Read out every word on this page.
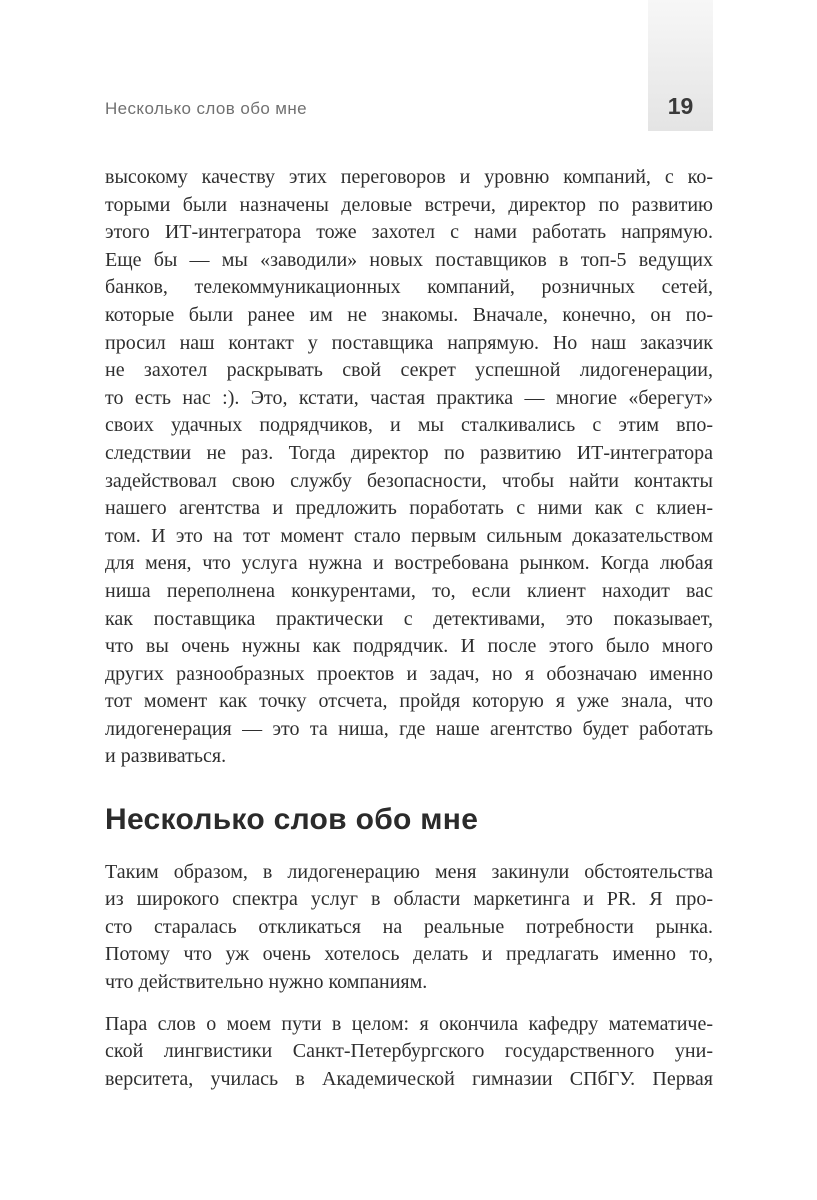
Несколько слов обо мне	19
высокому качеству этих переговоров и уровню компаний, с ко-
торыми были назначены деловые встречи, директор по развитию
этого ИТ-интегратора тоже захотел с нами работать напрямую.
Еще бы — мы «заводили» новых поставщиков в топ-5 ведущих
банков, телекоммуникационных компаний, розничных сетей,
которые были ранее им не знакомы. Вначале, конечно, он по-
просил наш контакт у поставщика напрямую. Но наш заказчик
не захотел раскрывать свой секрет успешной лидогенерации,
то есть нас :). Это, кстати, частая практика — многие «берегут»
своих удачных подрядчиков, и мы сталкивались с этим впо-
следствии не раз. Тогда директор по развитию ИТ-интегратора
задействовал свою службу безопасности, чтобы найти контакты
нашего агентства и предложить поработать с ними как с клиен-
том. И это на тот момент стало первым сильным доказательством
для меня, что услуга нужна и востребована рынком. Когда любая
ниша переполнена конкурентами, то, если клиент находит вас
как поставщика практически с детективами, это показывает,
что вы очень нужны как подрядчик. И после этого было много
других разнообразных проектов и задач, но я обозначаю именно
тот момент как точку отсчета, пройдя которую я уже знала, что
лидогенерация — это та ниша, где наше агентство будет работать
и развиваться.
Несколько слов обо мне
Таким образом, в лидогенерацию меня закинули обстоятельства
из широкого спектра услуг в области маркетинга и PR. Я про-
сто старалась откликаться на реальные потребности рынка.
Потому что уж очень хотелось делать и предлагать именно то,
что действительно нужно компаниям.
Пара слов о моем пути в целом: я окончила кафедру математиче-
ской лингвистики Санкт-Петербургского государственного уни-
верситета, училась в Академической гимназии СПбГУ. Первая
